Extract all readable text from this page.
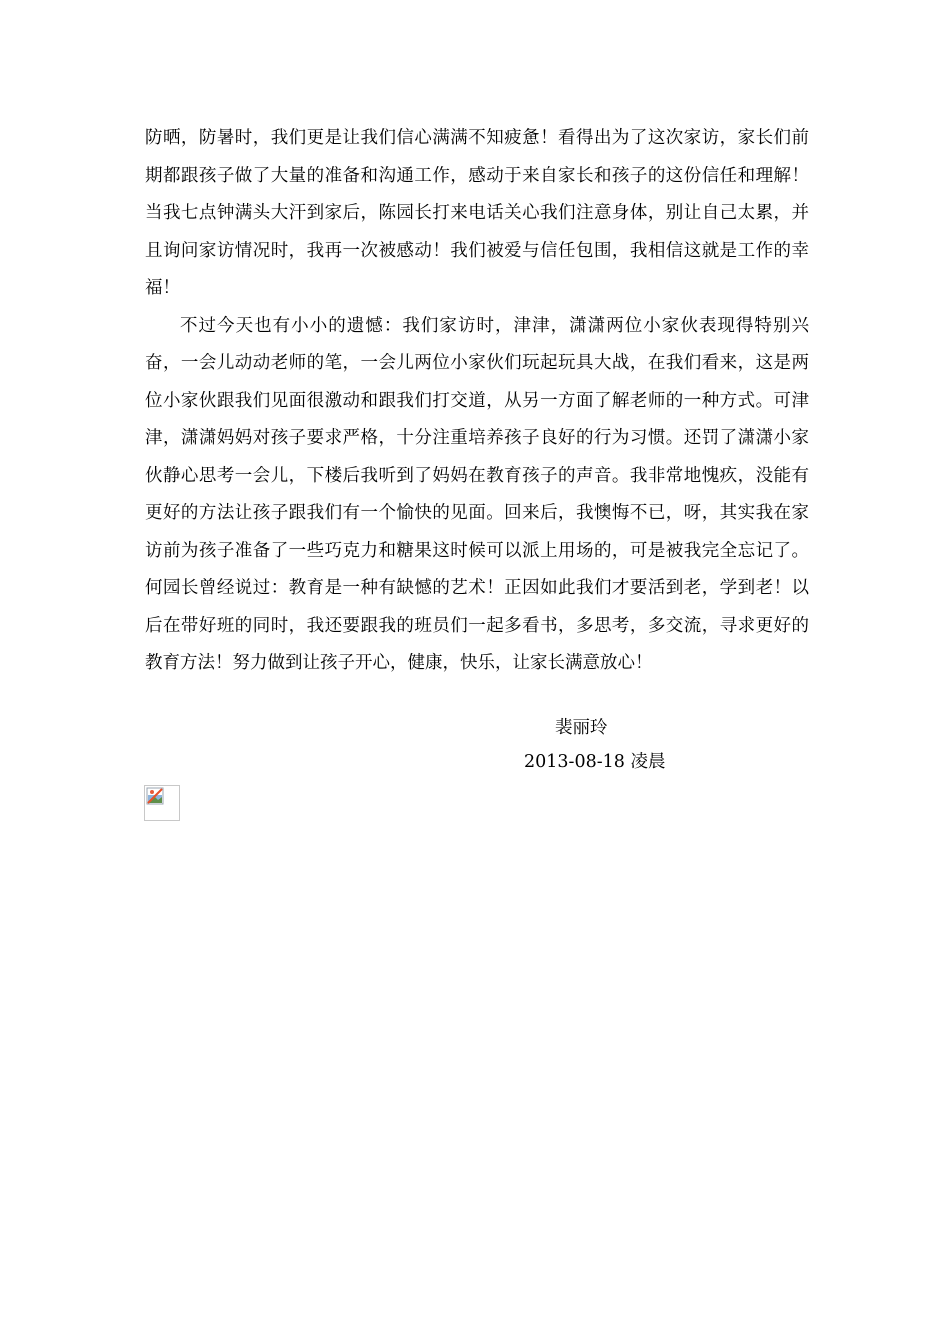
防晒，防暑时，我们更是让我们信心满满不知疲惫！看得出为了这次家访，家长们前期都跟孩子做了大量的准备和沟通工作，感动于来自家长和孩子的这份信任和理解！当我七点钟满头大汗到家后，陈园长打来电话关心我们注意身体，别让自己太累，并且询问家访情况时，我再一次被感动！我们被爱与信任包围，我相信这就是工作的幸福！

不过今天也有小小的遗憾：我们家访时，津津，潇潇两位小家伙表现得特别兴奋，一会儿动动老师的笔，一会儿两位小家伙们玩起玩具大战，在我们看来，这是两位小家伙跟我们见面很激动和跟我们打交道，从另一方面了解老师的一种方式。可津津，潇潇妈妈对孩子要求严格，十分注重培养孩子良好的行为习惯。还罚了潇潇小家伙静心思考一会儿，下楼后我听到了妈妈在教育孩子的声音。我非常地愧疚，没能有更好的方法让孩子跟我们有一个愉快的见面。回来后，我懊悔不已，呀，其实我在家访前为孩子准备了一些巧克力和糖果这时候可以派上用场的，可是被我完全忘记了。何园长曾经说过：教育是一种有缺憾的艺术！正因如此我们才要活到老，学到老！以后在带好班的同时，我还要跟我的班员们一起多看书，多思考，多交流，寻求更好的教育方法！努力做到让孩子开心，健康，快乐，让家长满意放心！

裴丽玲
2013-08-18 凌晨
